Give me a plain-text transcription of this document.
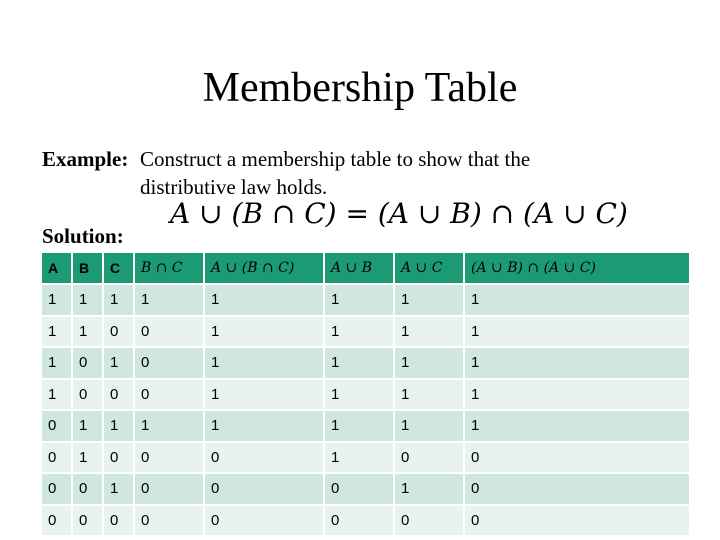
Membership Table
Example: Construct a membership table to show that the distributive law holds.
A ∪ (B ∩ C) = (A ∪ B) ∩ (A ∪ C)
Solution:
A	B	C	B ∩ C	A ∪ (B ∩ C)	A ∪ B	A ∪ C	(A ∪ B) ∩ (A ∪ C)
1	1	1	1	1	1	1	1
1	1	0	0	1	1	1	1
1	0	1	0	1	1	1	1
1	0	0	0	1	1	1	1
0	1	1	1	1	1	1	1
0	1	0	0	0	1	0	0
0	0	1	0	0	0	1	0
0	0	0	0	0	0	0	0
